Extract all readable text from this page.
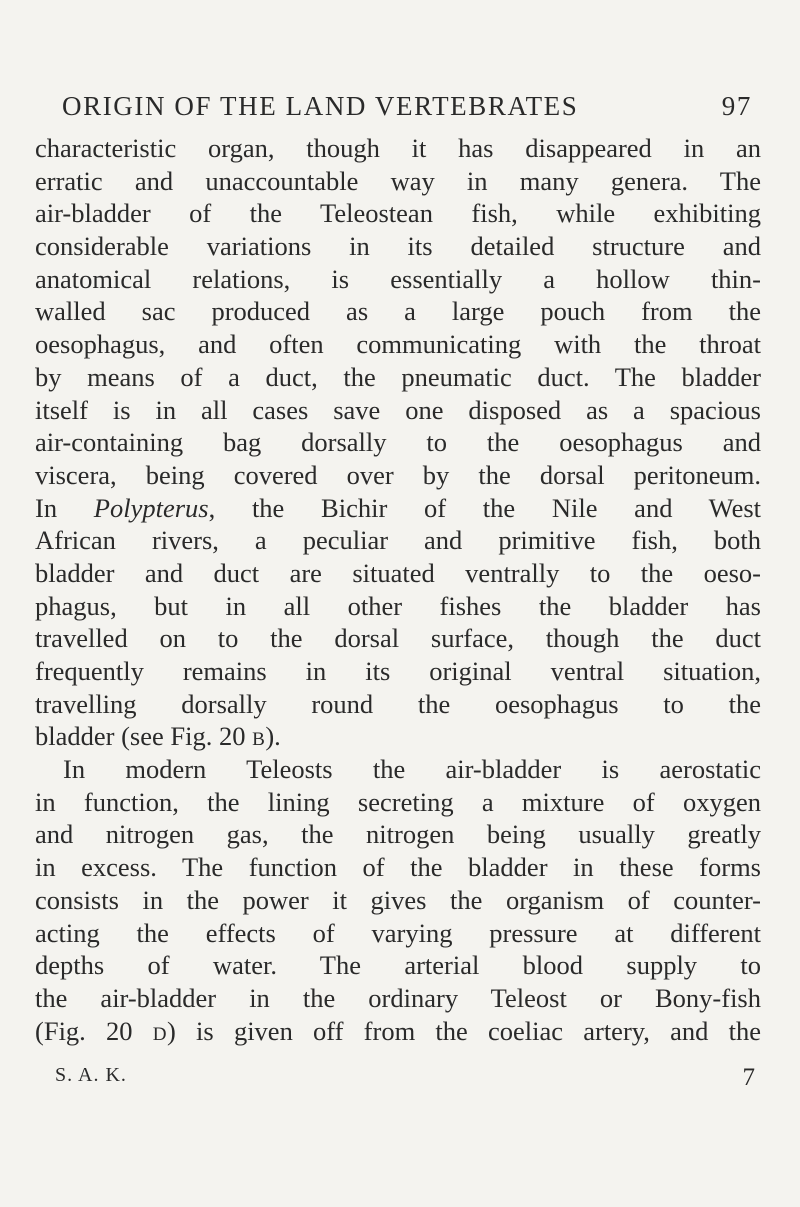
ORIGIN OF THE LAND VERTEBRATES	97
characteristic organ, though it has disappeared in an
erratic and unaccountable way in many genera. The
air-bladder of the Teleostean fish, while exhibiting
considerable variations in its detailed structure and
anatomical relations, is essentially a hollow thin-
walled sac produced as a large pouch from the
oesophagus, and often communicating with the throat
by means of a duct, the pneumatic duct. The bladder
itself is in all cases save one disposed as a spacious
air-containing bag dorsally to the oesophagus and
viscera, being covered over by the dorsal peritoneum.
In Polypterus, the Bichir of the Nile and West
African rivers, a peculiar and primitive fish, both
bladder and duct are situated ventrally to the oeso-
phagus, but in all other fishes the bladder has
travelled on to the dorsal surface, though the duct
frequently remains in its original ventral situation,
travelling dorsally round the oesophagus to the
bladder (see Fig. 20 B).
In modern Teleosts the air-bladder is aerostatic
in function, the lining secreting a mixture of oxygen
and nitrogen gas, the nitrogen being usually greatly
in excess. The function of the bladder in these forms
consists in the power it gives the organism of counter-
acting the effects of varying pressure at different
depths of water. The arterial blood supply to
the air-bladder in the ordinary Teleost or Bony-fish
(Fig. 20 D) is given off from the coeliac artery, and the
S. A. K.	7
